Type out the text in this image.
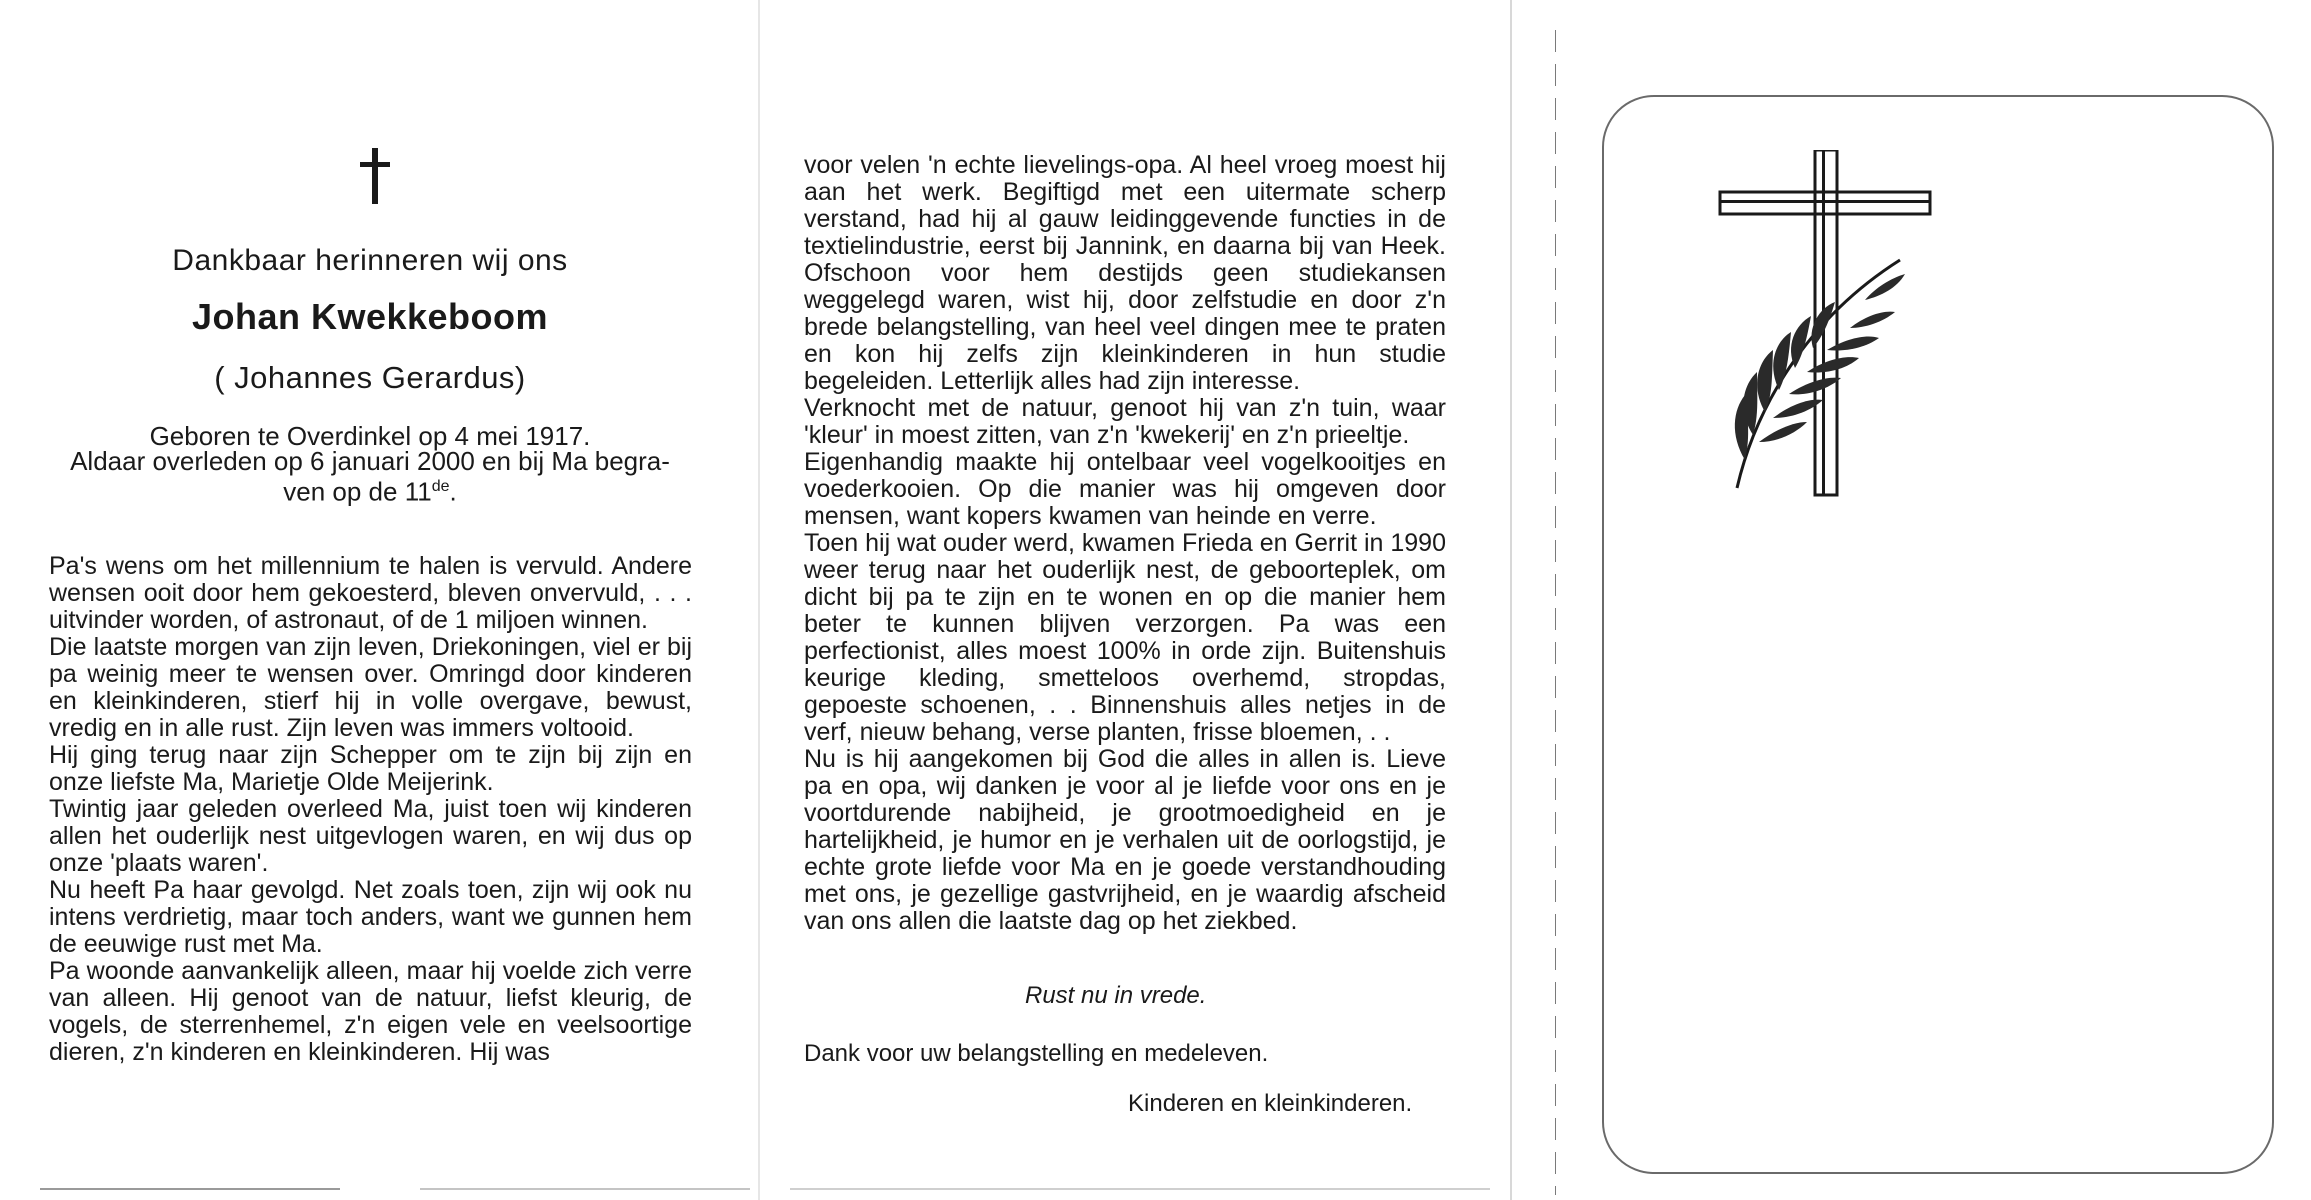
Dankbaar herinneren wij ons
Johan Kwekkeboom
( Johannes Gerardus)
Geboren te Overdinkel op 4 mei 1917.
Aldaar overleden op 6 januari 2000 en bij Ma begra-
ven op de 11de.

Pa's wens om het millennium te halen is vervuld. Andere wensen ooit door hem gekoesterd, bleven onvervuld, . . . uitvinder worden, of astronaut, of de 1 miljoen winnen.

Die laatste morgen van zijn leven, Driekoningen, viel er bij pa weinig meer te wensen over. Omringd door kinderen en kleinkinderen, stierf hij in volle overgave, bewust, vredig en in alle rust. Zijn leven was immers voltooid.

Hij ging terug naar zijn Schepper om te zijn bij zijn en onze liefste Ma, Marietje Olde Meijerink.

Twintig jaar geleden overleed Ma, juist toen wij kinderen allen het ouderlijk nest uitgevlogen waren, en wij dus op onze 'plaats waren'.

Nu heeft Pa haar gevolgd. Net zoals toen, zijn wij ook nu intens verdrietig, maar toch anders, want we gunnen hem de eeuwige rust met Ma.

Pa woonde aanvankelijk alleen, maar hij voelde zich verre van alleen. Hij genoot van de natuur, liefst kleurig, de vogels, de sterrenhemel, z'n eigen vele en veelsoortige dieren, z'n kinderen en kleinkinderen. Hij was

voor velen 'n echte lievelings-opa. Al heel vroeg moest hij aan het werk. Begiftigd met een uitermate scherp verstand, had hij al gauw leidinggevende functies in de textielindustrie, eerst bij Jannink, en daarna bij van Heek. Ofschoon voor hem destijds geen studiekansen weggelegd waren, wist hij, door zelfstudie en door z'n brede belangstelling, van heel veel dingen mee te praten en kon hij zelfs zijn kleinkinderen in hun studie begeleiden. Letterlijk alles had zijn interesse.

Verknocht met de natuur, genoot hij van z'n tuin, waar 'kleur' in moest zitten, van z'n 'kwekerij' en z'n prieeltje.

Eigenhandig maakte hij ontelbaar veel vogelkooitjes en voederkooien. Op die manier was hij omgeven door mensen, want kopers kwamen van heinde en verre.

Toen hij wat ouder werd, kwamen Frieda en Gerrit in 1990 weer terug naar het ouderlijk nest, de geboorteplek, om dicht bij pa te zijn en te wonen en op die manier hem beter te kunnen blijven verzorgen. Pa was een perfectionist, alles moest 100% in orde zijn. Buitenshuis keurige kleding, smetteloos overhemd, stropdas, gepoeste schoenen, . . Binnenshuis alles netjes in de verf, nieuw behang, verse planten, frisse bloemen, . .

Nu is hij aangekomen bij God die alles in allen is. Lieve pa en opa, wij danken je voor al je liefde voor ons en je voortdurende nabijheid, je grootmoedigheid en je hartelijkheid, je humor en je verhalen uit de oorlogstijd, je echte grote liefde voor Ma en je goede verstandhouding met ons, je gezellige gastvrijheid, en je waardig afscheid van ons allen die laatste dag op het ziekbed.

Rust nu in vrede.
Dank voor uw belangstelling en medeleven.
Kinderen en kleinkinderen.
